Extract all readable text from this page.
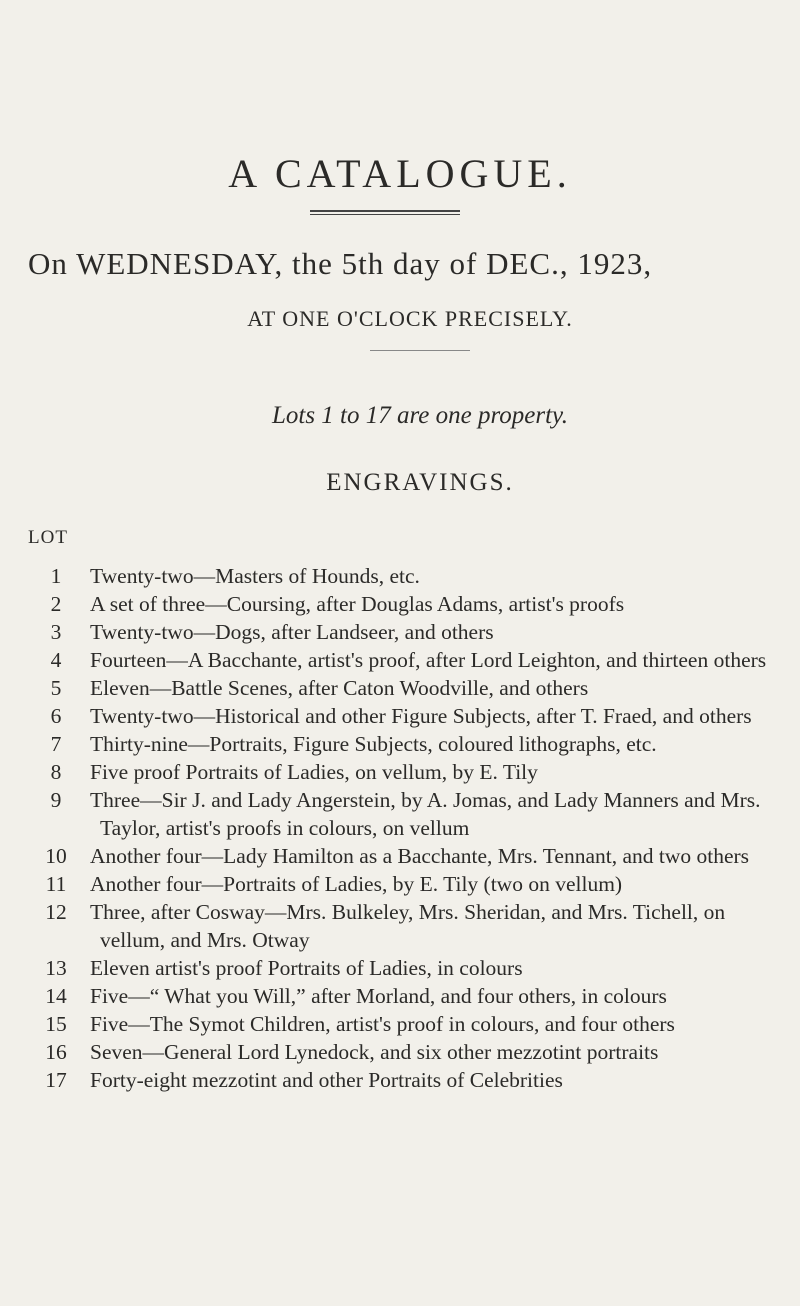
A CATALOGUE.
On WEDNESDAY, the 5th day of DEC., 1923,
AT ONE O'CLOCK PRECISELY.
Lots 1 to 17 are one property.
ENGRAVINGS.
LOT
1	Twenty-two—Masters of Hounds, etc.
2	A set of three—Coursing, after Douglas Adams, artist's proofs
3	Twenty-two—Dogs, after Landseer, and others
4	Fourteen—A Bacchante, artist's proof, after Lord Leighton, and thirteen others
5	Eleven—Battle Scenes, after Caton Woodville, and others
6	Twenty-two—Historical and other Figure Subjects, after T. Fraed, and others
7	Thirty-nine—Portraits, Figure Subjects, coloured lithographs, etc.
8	Five proof Portraits of Ladies, on vellum, by E. Tily
9	Three—Sir J. and Lady Angerstein, by A. Jomas, and Lady Manners and Mrs. Taylor, artist's proofs in colours, on vellum
10	Another four—Lady Hamilton as a Bacchante, Mrs. Tennant, and two others
11	Another four—Portraits of Ladies, by E. Tily (two on vellum)
12	Three, after Cosway—Mrs. Bulkeley, Mrs. Sheridan, and Mrs. Tichell, on vellum, and Mrs. Otway
13	Eleven artist's proof Portraits of Ladies, in colours
14	Five—“ What you Will,” after Morland, and four others, in colours
15	Five—The Symot Children, artist's proof in colours, and four others
16	Seven—General Lord Lynedock, and six other mezzotint portraits
17	Forty-eight mezzotint and other Portraits of Celebrities
